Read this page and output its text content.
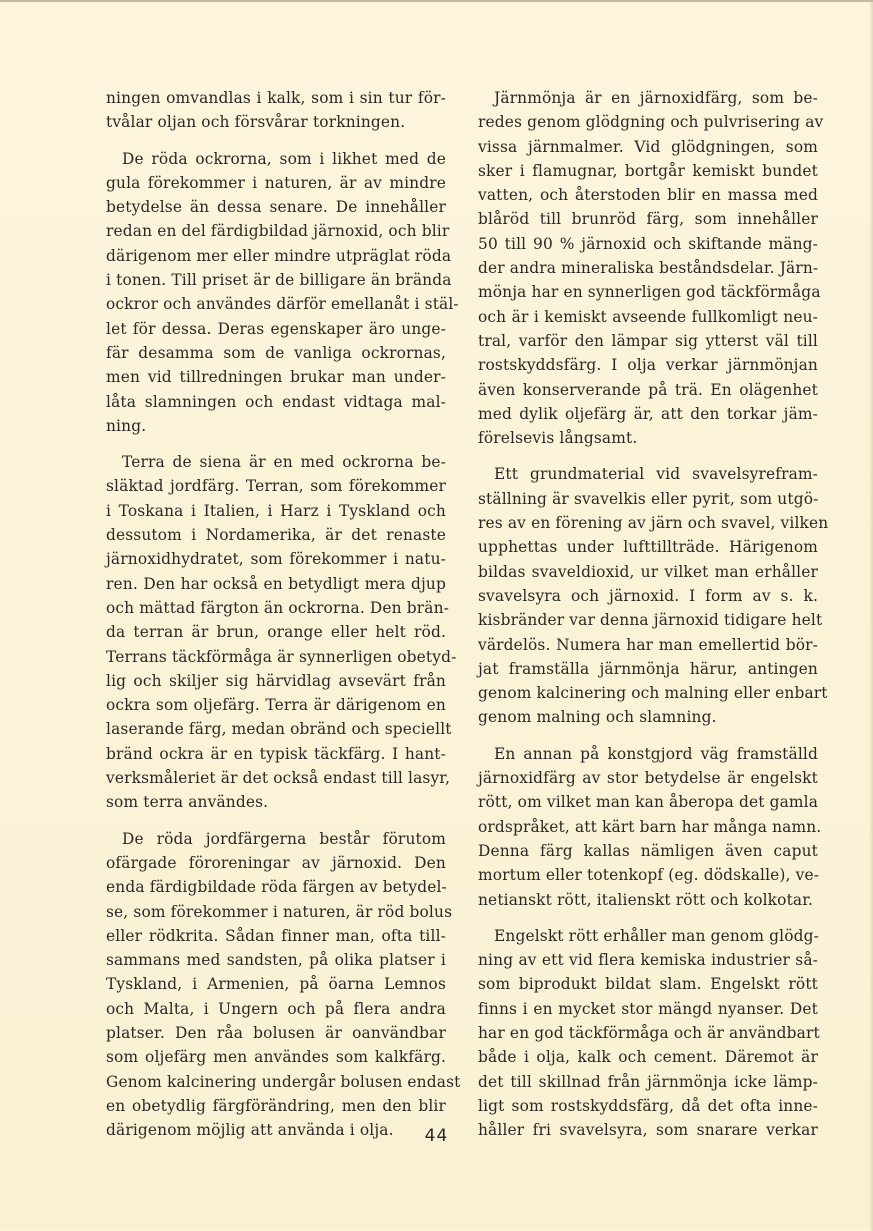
ningen omvandlas i kalk, som i sin tur för-
tvålar oljan och försvårar torkningen.

De röda ockrorna, som i likhet med de
gula förekommer i naturen, är av mindre
betydelse än dessa senare. De innehåller
redan en del färdigbildad järnoxid, och blir
därigenom mer eller mindre utpräglat röda
i tonen. Till priset är de billigare än brända
ockror och användes därför emellanåt i stäl-
let för dessa. Deras egenskaper äro unge-
fär desamma som de vanliga ockrornas,
men vid tillredningen brukar man under-
låta slamningen och endast vidtaga mal-
ning.

Terra de siena är en med ockrorna be-
släktad jordfärg. Terran, som förekommer
i Toskana i Italien, i Harz i Tyskland och
dessutom i Nordamerika, är det renaste
järnoxidhydratet, som förekommer i natu-
ren. Den har också en betydligt mera djup
och mättad färgton än ockrorna. Den brän-
da terran är brun, orange eller helt röd.
Terrans täckförmåga är synnerligen obetyd-
lig och skiljer sig härvidlag avsevärt från
ockra som oljefärg. Terra är därigenom en
laserande färg, medan obränd och speciellt
bränd ockra är en typisk täckfärg. I hant-
verksmåleriet är det också endast till lasyr,
som terra användes.

De röda jordfärgerna består förutom
ofärgade föroreningar av järnoxid. Den
enda färdigbildade röda färgen av betydel-
se, som förekommer i naturen, är röd bolus
eller rödkrita. Sådan finner man, ofta till-
sammans med sandsten, på olika platser i
Tyskland, i Armenien, på öarna Lemnos
och Malta, i Ungern och på flera andra
platser. Den råa bolusen är oanvändbar
som oljefärg men användes som kalkfärg.
Genom kalcinering undergår bolusen endast
en obetydlig färgförändring, men den blir
därigenom möjlig att använda i olja.

Järnmönja är en järnoxidfärg, som be-
redes genom glödgning och pulvrisering av
vissa järnmalmer. Vid glödgningen, som
sker i flamugnar, bortgår kemiskt bundet
vatten, och återstoden blir en massa med
blåröd till brunröd färg, som innehåller
50 till 90 % järnoxid och skiftande mäng-
der andra mineraliska beståndsdelar. Järn-
mönja har en synnerligen god täckförmåga
och är i kemiskt avseende fullkomligt neu-
tral, varför den lämpar sig ytterst väl till
rostskyddsfärg. I olja verkar järnmönjan
även konserverande på trä. En olägenhet
med dylik oljefärg är, att den torkar jäm-
förelsevis långsamt.

Ett grundmaterial vid svavelsyrefram-
ställning är svavelkis eller pyrit, som utgö-
res av en förening av järn och svavel, vilken
upphettas under lufttillträde. Härigenom
bildas svaveldioxid, ur vilket man erhåller
svavelsyra och järnoxid. I form av s. k.
kisbränder var denna järnoxid tidigare helt
värdelös. Numera har man emellertid bör-
jat framställa järnmönja härur, antingen
genom kalcinering och malning eller enbart
genom malning och slamning.

En annan på konstgjord väg framställd
järnoxidfärg av stor betydelse är engelskt
rött, om vilket man kan åberopa det gamla
ordspråket, att kärt barn har många namn.
Denna färg kallas nämligen även caput
mortum eller totenkopf (eg. dödskalle), ve-
netianskt rött, italienskt rött och kolkotar.

Engelskt rött erhåller man genom glödg-
ning av ett vid flera kemiska industrier så-
som biprodukt bildat slam. Engelskt rött
finns i en mycket stor mängd nyanser. Det
har en god täckförmåga och är användbart
både i olja, kalk och cement. Däremot är
det till skillnad från järnmönja icke lämp-
ligt som rostskyddsfärg, då det ofta inne-
håller fri svavelsyra, som snarare verkar

44
